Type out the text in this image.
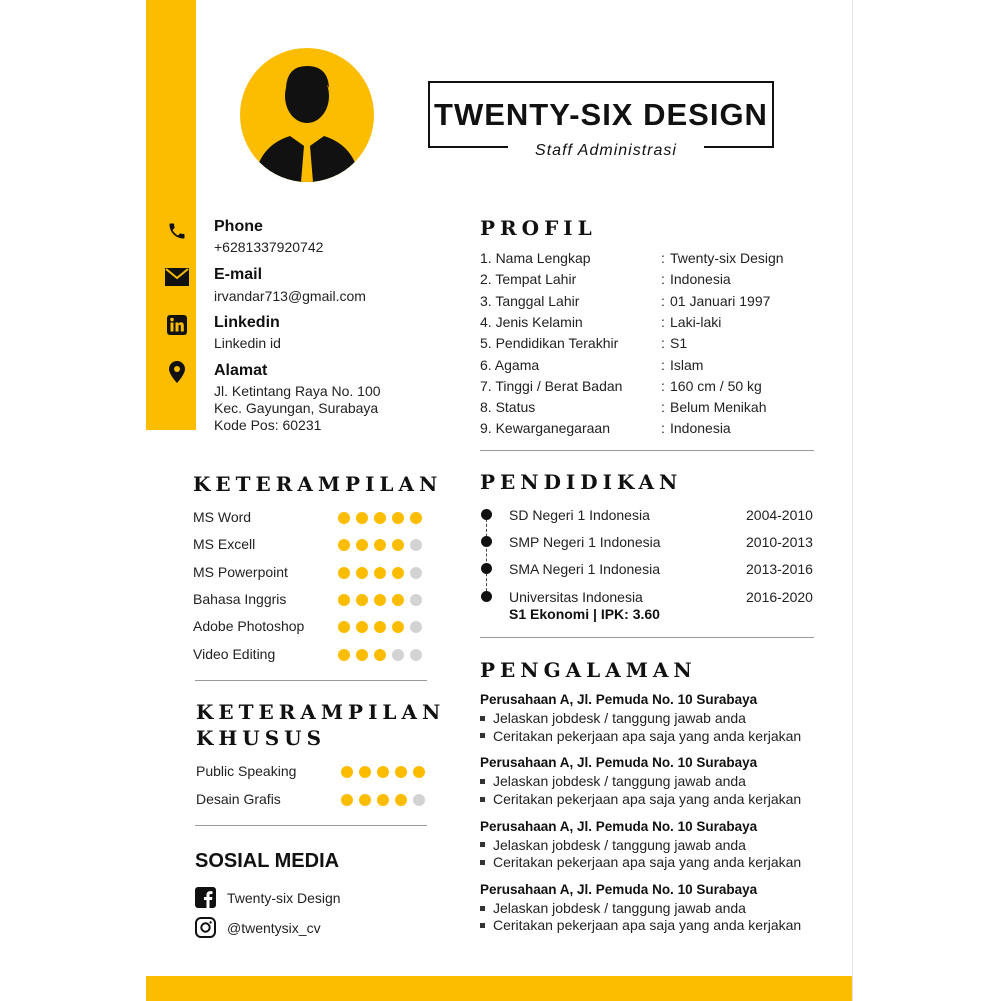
TWENTY-SIX DESIGN
Staff Administrasi
Phone
+6281337920742
E-mail
irvandar713@gmail.com
Linkedin
Linkedin id
Alamat
Jl. Ketintang Raya No. 100
Kec. Gayungan, Surabaya
Kode Pos: 60231
PROFIL
1. Nama Lengkap	: Twenty-six Design
2. Tempat Lahir	: Indonesia
3. Tanggal Lahir	: 01 Januari 1997
4. Jenis Kelamin	: Laki-laki
5. Pendidikan Terakhir	: S1
6. Agama	: Islam
7. Tinggi / Berat Badan	: 160 cm / 50 kg
8. Status	: Belum Menikah
9. Kewarganegaraan	: Indonesia
KETERAMPILAN
MS Word
MS Excell
MS Powerpoint
Bahasa Inggris
Adobe Photoshop
Video Editing
KETERAMPILAN
KHUSUS
Public Speaking
Desain Grafis
SOSIAL MEDIA
Twenty-six Design
@twentysix_cv
PENDIDIKAN
SD Negeri 1 Indonesia	2004-2010
SMP Negeri 1 Indonesia	2010-2013
SMA Negeri 1 Indonesia	2013-2016
Universitas Indonesia	2016-2020
S1 Ekonomi | IPK: 3.60
PENGALAMAN
Perusahaan A, Jl. Pemuda No. 10 Surabaya
Jelaskan jobdesk / tanggung jawab anda
Ceritakan pekerjaan apa saja yang anda kerjakan
Perusahaan A, Jl. Pemuda No. 10 Surabaya
Jelaskan jobdesk / tanggung jawab anda
Ceritakan pekerjaan apa saja yang anda kerjakan
Perusahaan A, Jl. Pemuda No. 10 Surabaya
Jelaskan jobdesk / tanggung jawab anda
Ceritakan pekerjaan apa saja yang anda kerjakan
Perusahaan A, Jl. Pemuda No. 10 Surabaya
Jelaskan jobdesk / tanggung jawab anda
Ceritakan pekerjaan apa saja yang anda kerjakan
